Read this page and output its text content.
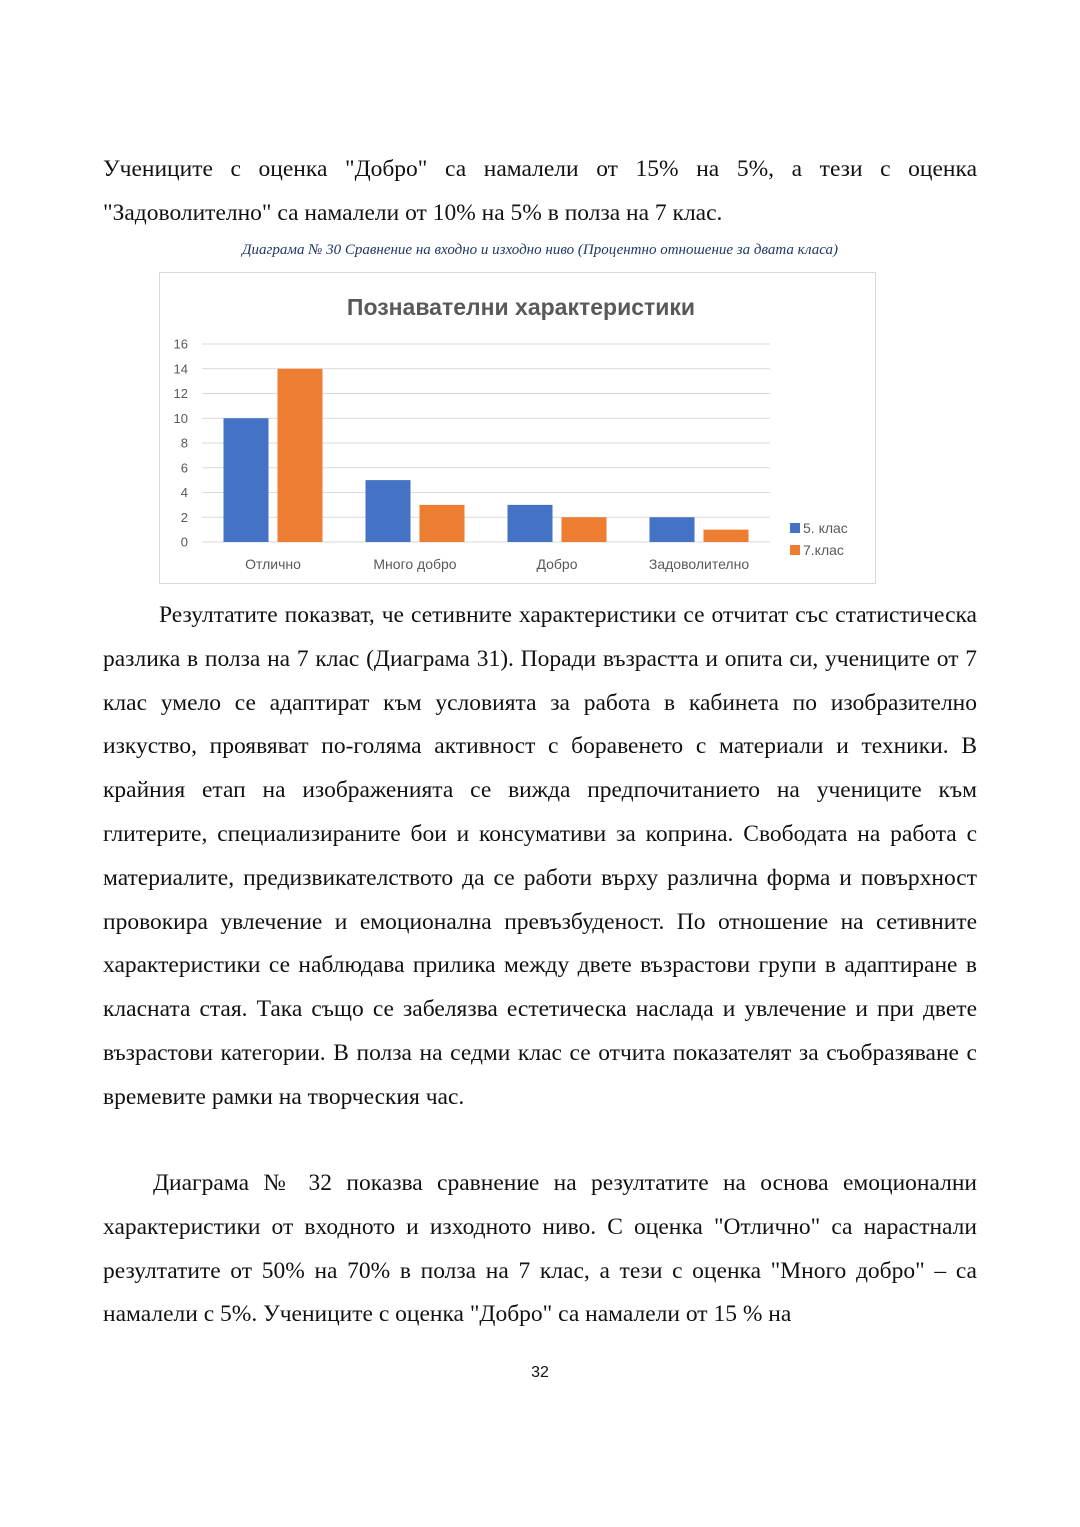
Учениците с оценка "Добро" са намалели от 15% на 5%, а тези с оценка "Задоволително" са намалели от 10% на 5% в полза на 7 клас.

Диаграма № 30 Сравнение на входно и изходно ниво (Процентно отношение за двата класа)

Познавателни характеристики
0
2
4
6
8
10
12
14
16
Отлично	Много добро	Добро	Задоволително
5. клас
7.клас

Резултатите показват, че сетивните характеристики се отчитат със статистическа разлика в полза на 7 клас (Диаграма 31). Поради възрастта и опита си, учениците от 7 клас умело се адаптират към условията за работа в кабинета по изобразително изкуство, проявяват по-голяма активност с боравенето с материали и техники. В крайния етап на изображенията се вижда предпочитанието на учениците към глитерите, специализираните бои и консумативи за коприна. Свободата на работа с материалите, предизвикателството да се работи върху различна форма и повърхност провокира увлечение и емоционална превъзбуденост. По отношение на сетивните характеристики се наблюдава прилика между двете възрастови групи в адаптиране в класната стая. Така също се забелязва естетическа наслада и увлечение и при двете възрастови категории. В полза на седми клас се отчита показателят за съобразяване с времевите рамки на творческия час.

Диаграма № 32 показва сравнение на резултатите на основа емоционални характеристики от входното и изходното ниво. С оценка "Отлично" са нарастнали резултатите от 50% на 70% в полза на 7 клас, а тези с оценка "Много добро" – са намалели с 5%. Учениците с оценка "Добро" са намалели от 15 % на

32
